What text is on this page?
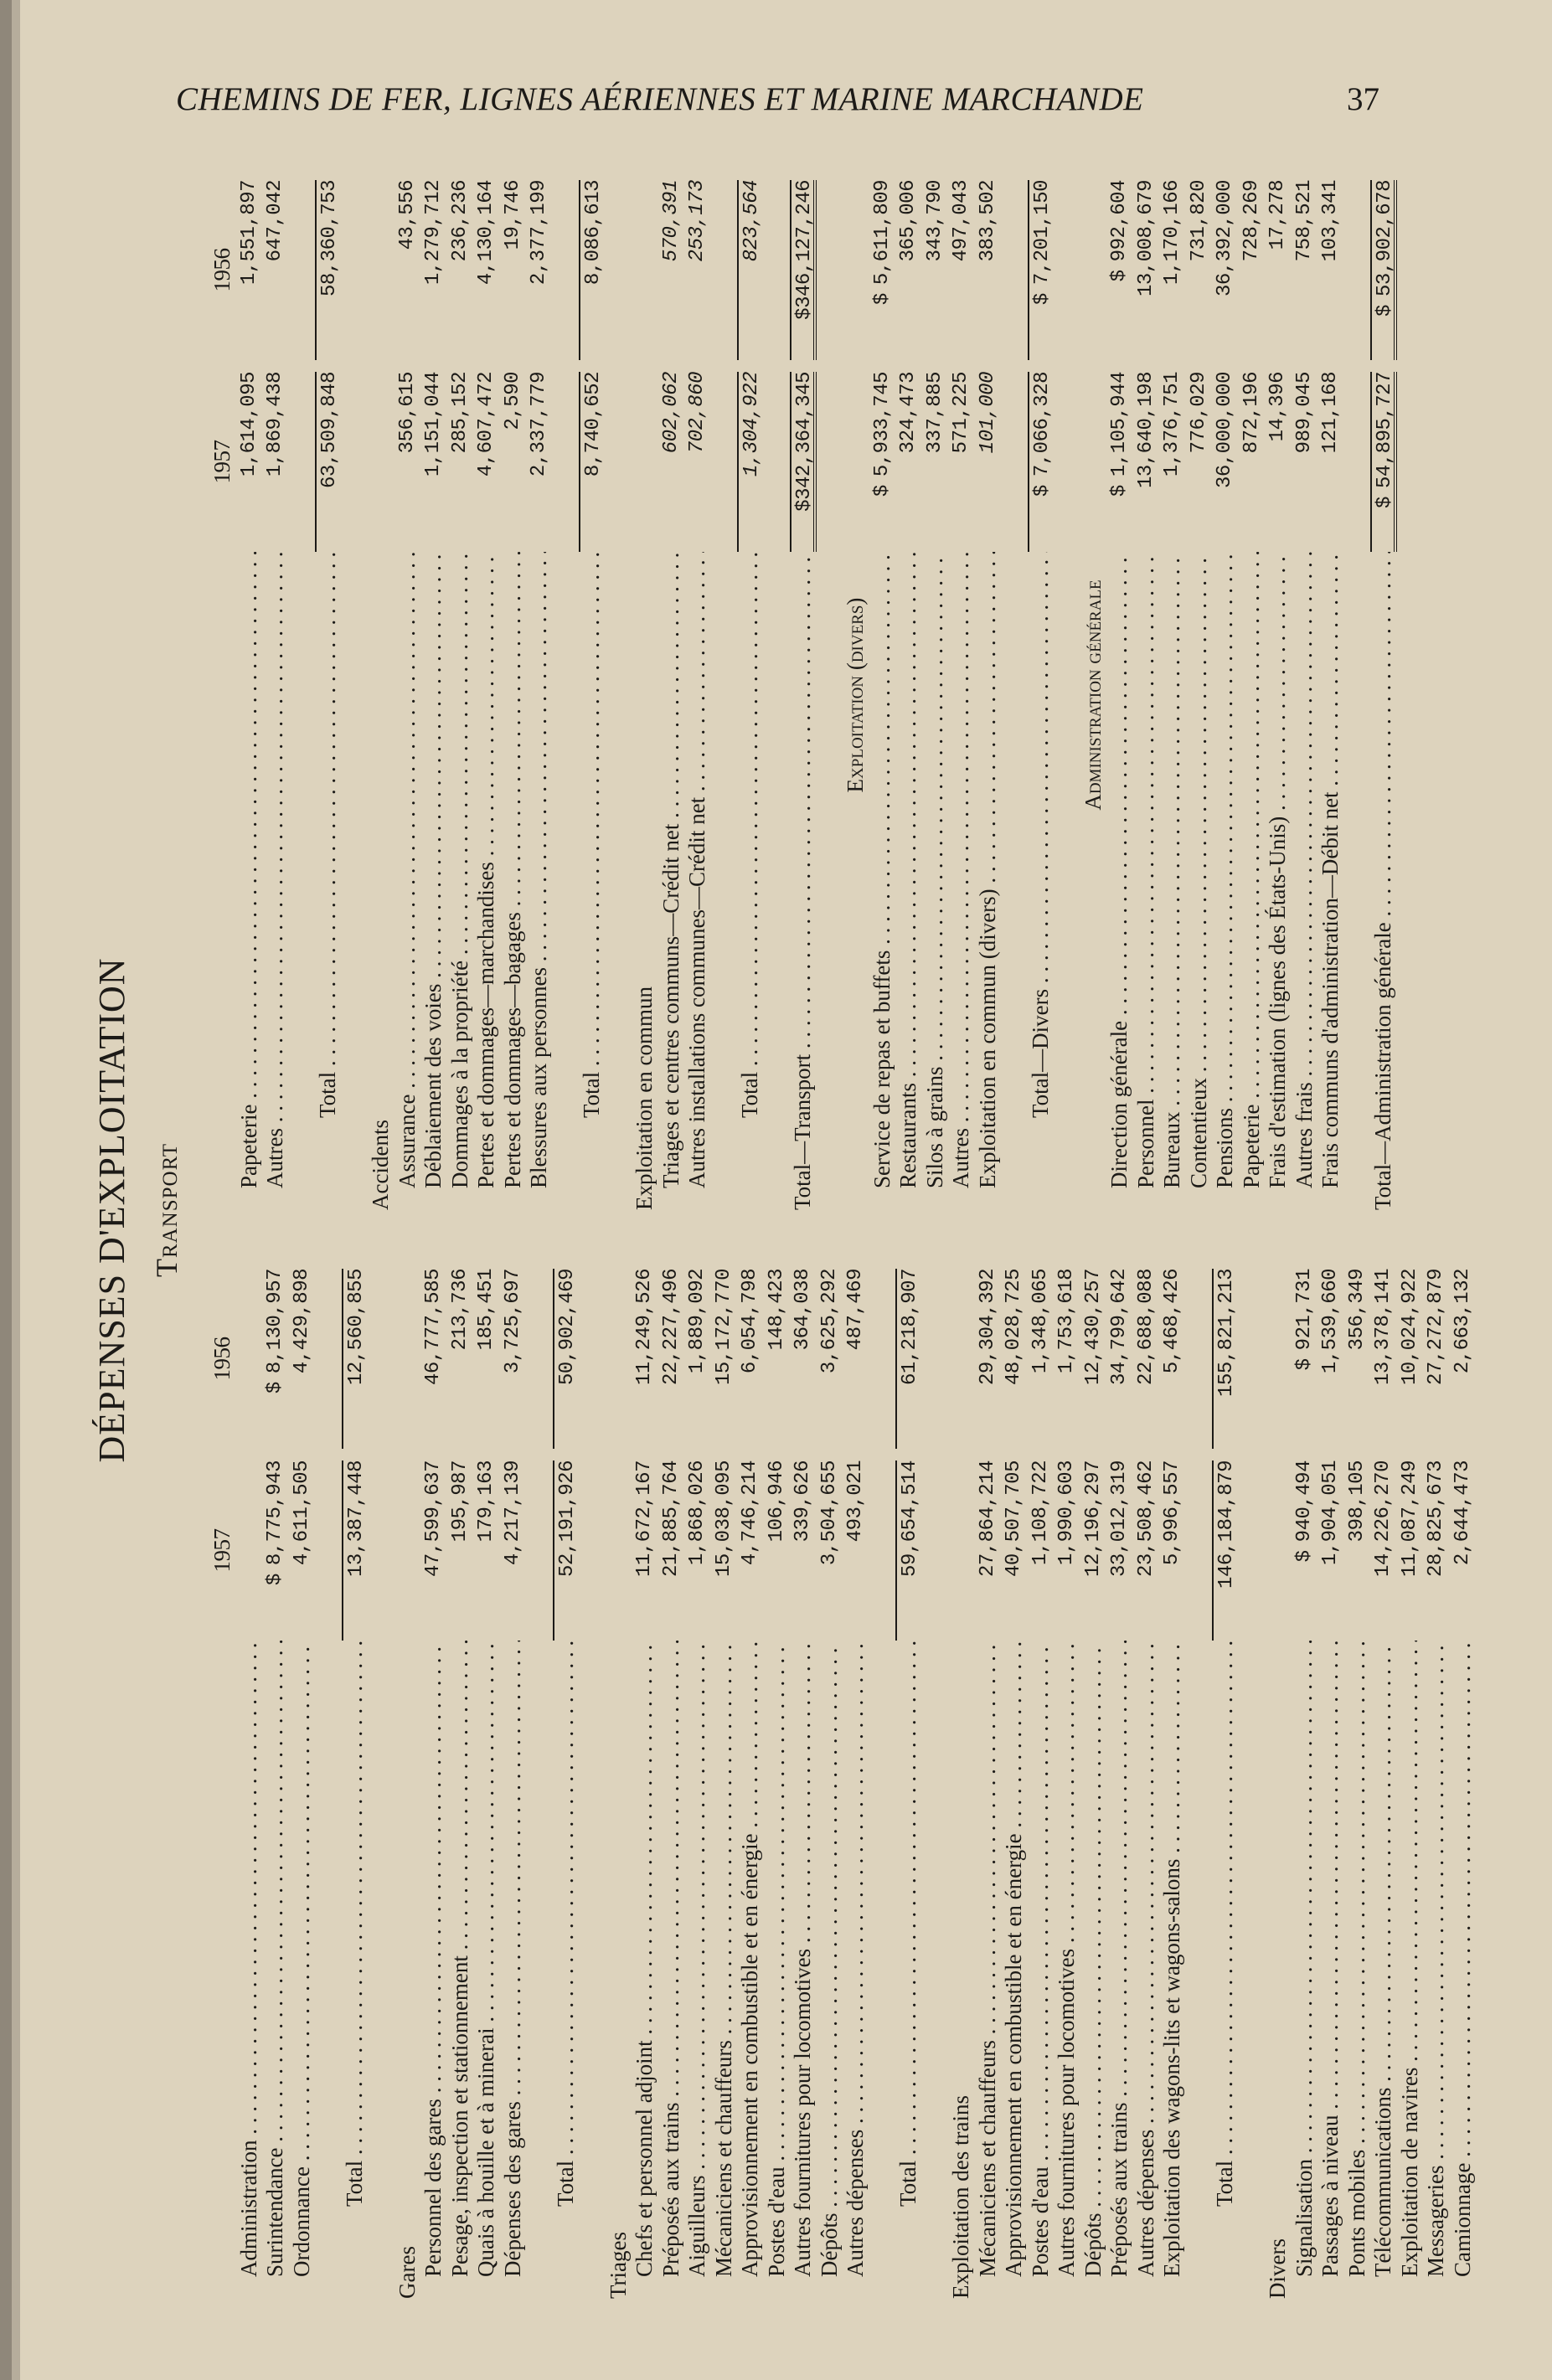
CHEMINS DE FER, LIGNES AÉRIENNES ET MARINE MARCHANDE	37
DÉPENSES D'EXPLOITATION Transport
1957
1956
Administration . . . Surintendance . . .
$8,775,943
$8,130,957
Ordonnance . . .
4,611,505
4,429,898
Total . . .
13,387,448
12,560,855
Gares Personnel des gares . . .
47,599,637
46,777,585
Pesage, inspection et stationnement . . .
195,987
213,736
Quais à houille et à minerai . . .
179,163
185,451
Dépenses des gares . . .
4,217,139
3,725,697
Total . . .
52,191,926
50,902,469
Triages Chefs et personnel adjoint . . .
11,672,167
11,249,526
Préposés aux trains . . .
21,885,764
22,227,496
Aiguilleurs . . .
1,868,026
1,889,092
Mécaniciens et chauffeurs . . .
15,038,095
15,172,770
Approvisionnement en combustible et en énergie . . .
4,746,214
6,054,798
Postes d'eau . . .
106,946
148,423
Autres fournitures pour locomotives . . .
339,626
364,038
Dépôts . . .
3,504,655
3,625,292
Autres dépenses . . .
493,021
487,469
Total . . .
59,654,514
61,218,907
Exploitation des trains Mécaniciens et chauffeurs . . .
27,864,214
29,304,392
Approvisionnement en combustible et en énergie . . .
40,507,705
48,028,725
Postes d'eau . . .
1,108,722
1,348,065
Autres fournitures pour locomotives . . .
1,990,603
1,753,618
Dépôts . . .
12,196,297
12,430,257
Préposés aux trains . . .
33,012,319
34,799,642
Autres dépenses . . .
23,508,462
22,688,088
Exploitation des wagons-lits et wagons-salons . . .
5,996,557
5,468,426
Total . . .
146,184,879
155,821,213
Divers Signalisation . . .
$940,494
$921,731
Passages à niveau . . .
1,904,051
1,539,660
Ponts mobiles . . .
398,105
356,349
Télécommunications . . .
14,226,270
13,378,141
Exploitation de navires . . .
11,087,249
10,024,922
Messageries . . .
28,825,673
27,272,879
Camionnage . . .
2,644,473
2,663,132
1957
1956
Papeterie . . .
1,614,095
1,551,897
Autres . . .
1,869,438
647,042
Total . . .
63,509,848
58,360,753
Accidents Assurance . . .
356,615
43,556
Déblaiement des voies . . .
1,151,044
1,279,712
Dommages à la propriété . . .
285,152
236,236
Pertes et dommages—marchandises . . .
4,607,472
4,130,164
Pertes et dommages—bagages . . .
2,590
19,746
Blessures aux personnes . . .
2,337,779
2,377,199
Total . . .
8,740,652
8,086,613
Exploitation en commun Triages et centres communs—Crédit net . . .
602,062
570,391
Autres installations communes—Crédit net . . .
702,860
253,173
Total . . .
1,304,922
823,564
Total—Transport . . .
$342,364,345
$346,127,246
Exploitation (divers)
Service de repas et buffets . . .
$5,933,745
$5,611,809
Restaurants . . .
324,473
365,006
Silos à grains . . .
337,885
343,790
Autres . . .
571,225
497,043
Exploitation en commun (divers) . . .
101,000
383,502
Total—Divers . . .
$7,066,328
$7,201,150
Administration générale
Direction générale . . .
$1,105,944
$992,604
Personnel . . .
13,640,198
13,008,679
Bureaux . . .
1,376,751
1,170,166
Contentieux . . .
776,029
731,820
Pensions . . .
36,000,000
36,392,000
Papeterie . . .
872,196
728,269
Frais d'estimation (lignes des États-Unis) . . .
14,396
17,278
Autres frais . . .
989,045
758,521
Frais communs d'administration—Débit net . . .
121,168
103,341
Total—Administration générale . . .
$54,895,727
$53,902,678
